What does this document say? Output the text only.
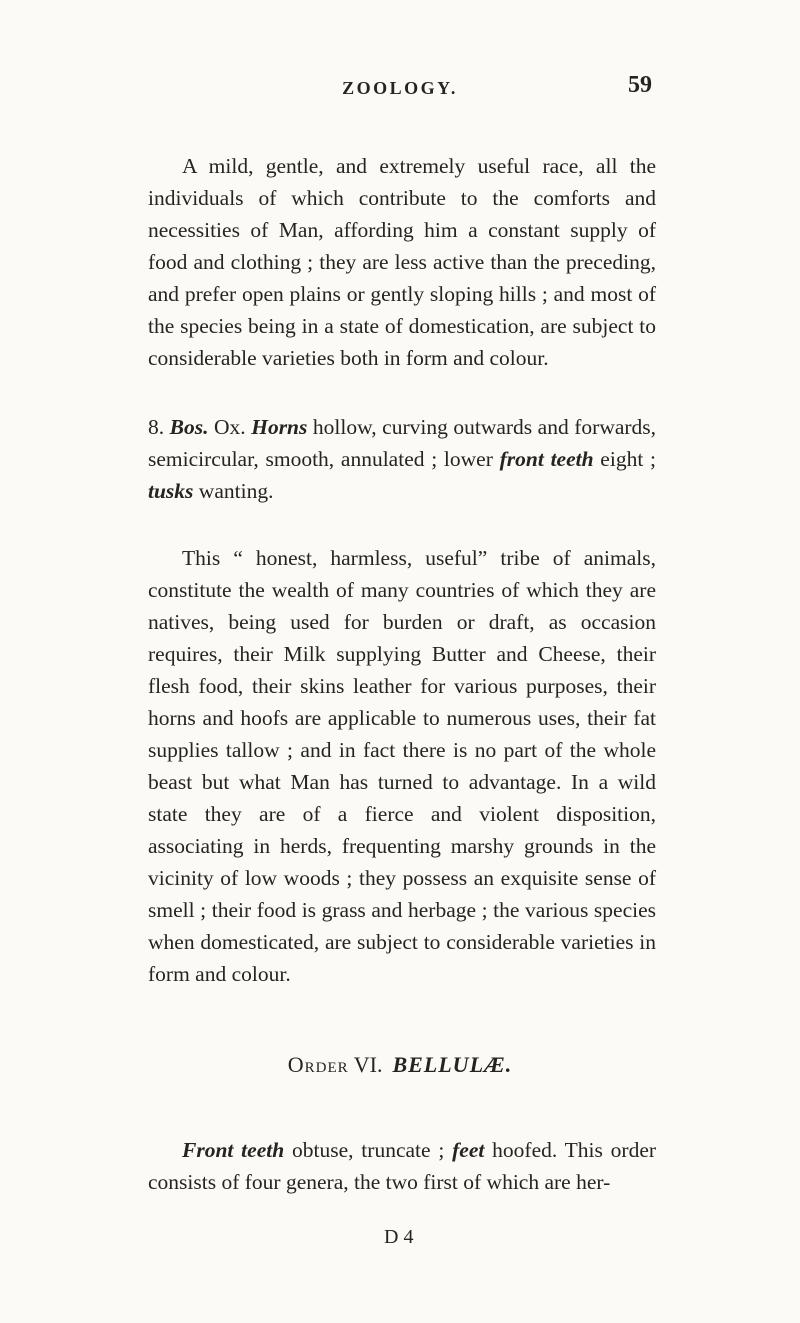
ZOOLOGY.	59
A mild, gentle, and extremely useful race, all the individuals of which contribute to the comforts and necessities of Man, affording him a constant supply of food and clothing ; they are less active than the preceding, and prefer open plains or gently sloping hills ; and most of the species being in a state of domestication, are subject to considerable varieties both in form and colour.
8. Bos. Ox. Horns hollow, curving outwards and forwards, semicircular, smooth, annulated ; lower front teeth eight ; tusks wanting.
This “ honest, harmless, useful” tribe of animals, constitute the wealth of many countries of which they are natives, being used for burden or draft, as occasion requires, their Milk supplying Butter and Cheese, their flesh food, their skins leather for various purposes, their horns and hoofs are applicable to numerous uses, their fat supplies tallow ; and in fact there is no part of the whole beast but what Man has turned to advantage. In a wild state they are of a fierce and violent disposition, associating in herds, frequenting marshy grounds in the vicinity of low woods ; they possess an exquisite sense of smell ; their food is grass and herbage ; the various species when domesticated, are subject to considerable varieties in form and colour.
Order VI. BELLULÆ.
Front teeth obtuse, truncate ; feet hoofed. This order consists of four genera, the two first of which are her-
D 4
